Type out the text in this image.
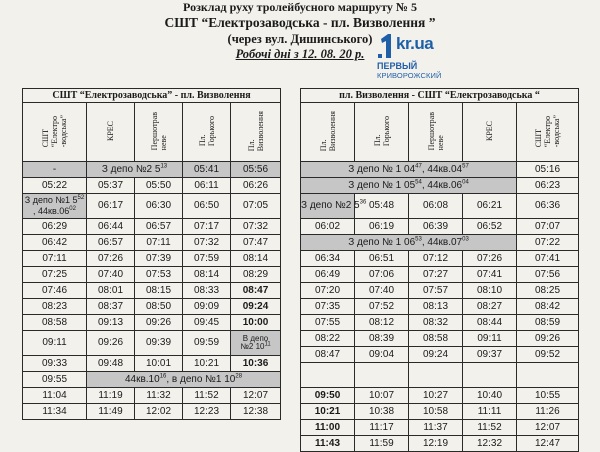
Розклад руху тролейбусного маршруту № 5
СШТ “Електрозаводська - пл. Визволення ”
(через вул. Дишинського)
Робочі дні з 12. 08. 20 р.
kr.ua
ПЕРВЫЙ
КРИВОРОЖСКИЙ
СШТ “Електрозаводська” - пл. Визволення				
СШТ
“Електро
-водська”	КРЕС	Першотрав
неве	Пл.
Горького	Пл.
Визволення
-	З депо №2 $5^{13}$		05:41	05:56
05:22	05:37	05:50	06:11	06:26
З депо №1 $5^{52}$
, $44кв.06^{02}$	06:17	06:30	06:50	07:05
06:29	06:44	06:57	07:17	07:32
06:42	06:57	07:11	07:32	07:47
07:11	07:26	07:39	07:59	08:14
07:25	07:40	07:53	08:14	08:29
07:46	08:01	08:15	08:33	08:47
08:23	08:37	08:50	09:09	09:24
08:58	09:13	09:26	09:45	10:00
09:11	09:26	09:39	09:59	В депо
№2 $10^{11}$
09:33	09:48	10:01	10:21	10:36
09:55	$44кв.10^{16}$, в депо №1 $10^{28}$
11:04	11:19	11:32	11:52	12:07
11:34	11:49	12:02	12:23	12:38
пл. Визволення - СШТ “Електрозаводська “				
Пл.
Визволення	Пл.
Горького	Першотрав
неве	КРЕС	СШТ
“Електро
-водська”
З депо № 1 $04^{47}$, $44кв.04^{57}$				05:16
З депо № 1 $05^{54}$, $44кв.06^{04}$				06:23
З депо №2 $5^{36}$	05:48	06:08	06:21	06:36
06:02	06:19	06:39	06:52	07:07
З депо № 1 $06^{53}$, $44кв.07^{03}$				07:22
06:34	06:51	07:12	07:26	07:41
06:49	07:06	07:27	07:41	07:56
07:20	07:40	07:57	08:10	08:25
07:35	07:52	08:13	08:27	08:42
07:55	08:12	08:32	08:44	08:59
08:22	08:39	08:58	09:11	09:26
08:47	09:04	09:24	09:37	09:52

09:50	10:07	10:27	10:40	10:55
10:21	10:38	10:58	11:11	11:26
11:00	11:17	11:37	11:52	12:07
11:43	11:59	12:19	12:32	12:47
